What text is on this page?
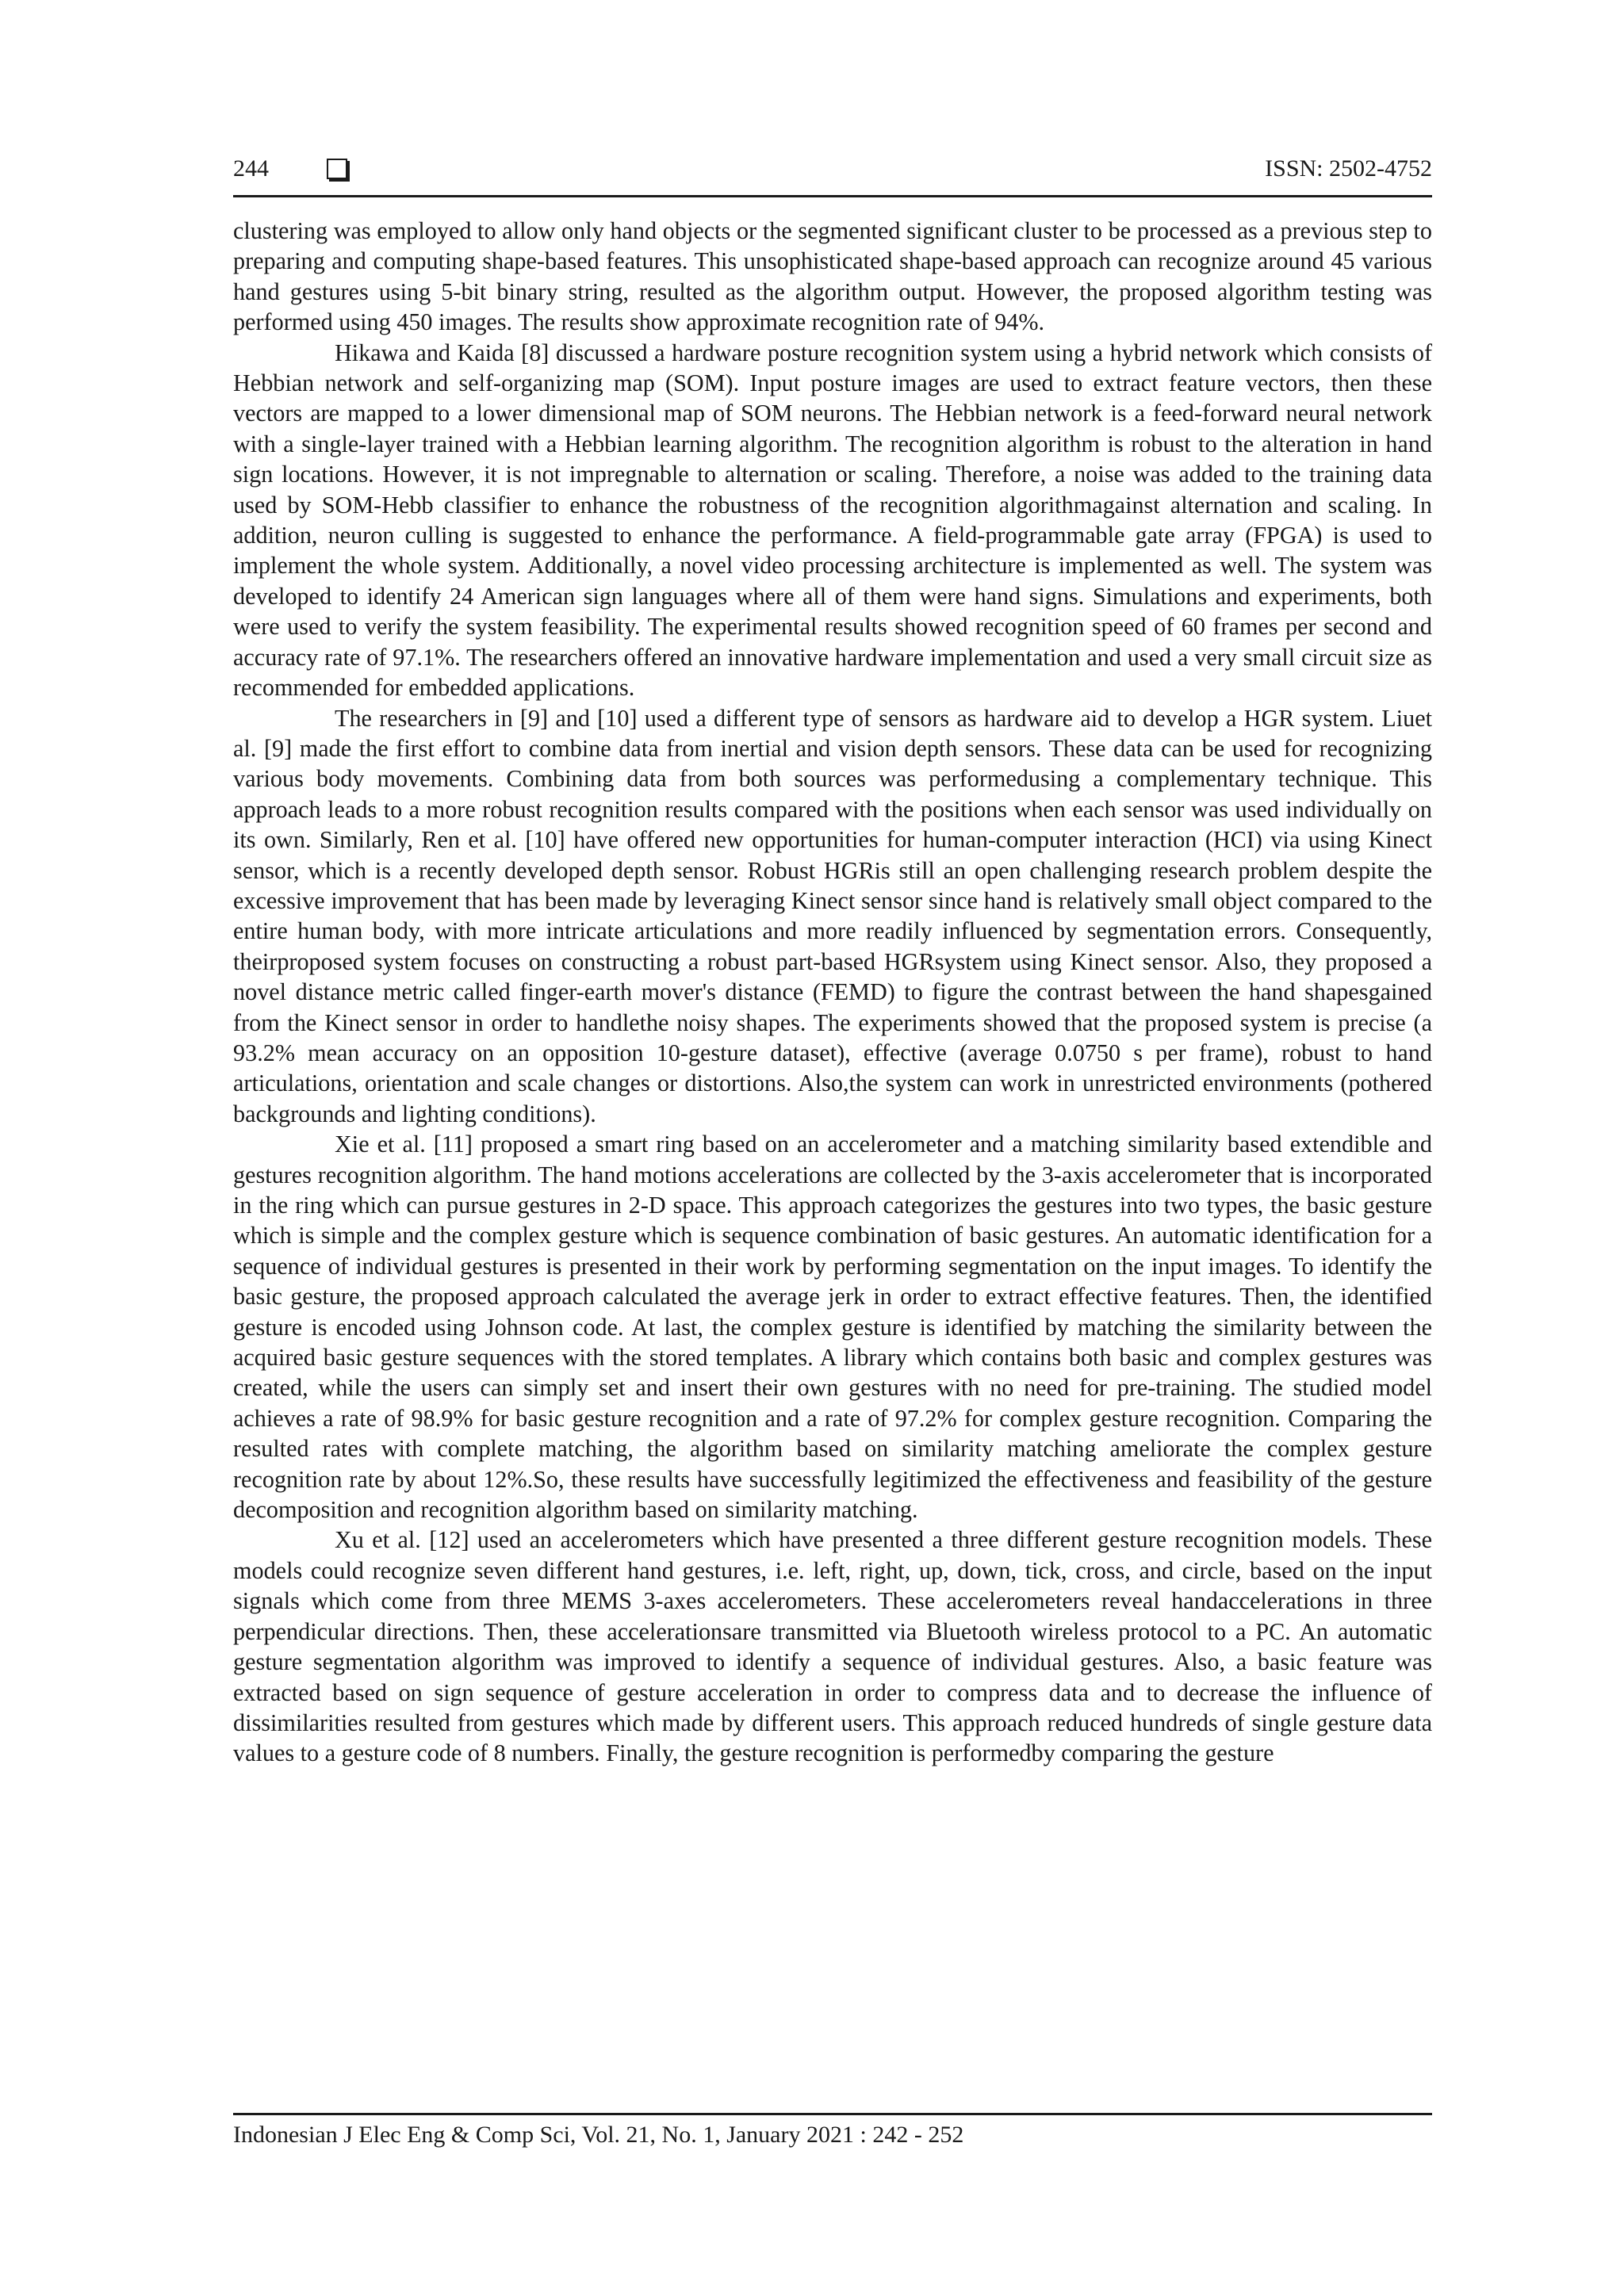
244	ISSN: 2502-4752

clustering was employed to allow only hand objects or the segmented significant cluster to be processed as a previous step to preparing and computing shape-based features. This unsophisticated shape-based approach can recognize around 45 various hand gestures using 5-bit binary string, resulted as the algorithm output. However, the proposed algorithm testing was performed using 450 images. The results show approximate recognition rate of 94%.

Hikawa and Kaida [8] discussed a hardware posture recognition system using a hybrid network which consists of Hebbian network and self-organizing map (SOM). Input posture images are used to extract feature vectors, then these vectors are mapped to a lower dimensional map of SOM neurons. The Hebbian network is a feed-forward neural network with a single-layer trained with a Hebbian learning algorithm. The recognition algorithm is robust to the alteration in hand sign locations. However, it is not impregnable to alternation or scaling. Therefore, a noise was added to the training data used by SOM-Hebb classifier to enhance the robustness of the recognition algorithmagainst alternation and scaling. In addition, neuron culling is suggested to enhance the performance. A field-programmable gate array (FPGA) is used to implement the whole system. Additionally, a novel video processing architecture is implemented as well. The system was developed to identify 24 American sign languages where all of them were hand signs. Simulations and experiments, both were used to verify the system feasibility. The experimental results showed recognition speed of 60 frames per second and accuracy rate of 97.1%. The researchers offered an innovative hardware implementation and used a very small circuit size as recommended for embedded applications.

The researchers in [9] and [10] used a different type of sensors as hardware aid to develop a HGR system. Liuet al. [9] made the first effort to combine data from inertial and vision depth sensors. These data can be used for recognizing various body movements. Combining data from both sources was performedusing a complementary technique. This approach leads to a more robust recognition results compared with the positions when each sensor was used individually on its own. Similarly, Ren et al. [10] have offered new opportunities for human-computer interaction (HCI) via using Kinect sensor, which is a recently developed depth sensor. Robust HGRis still an open challenging research problem despite the excessive improvement that has been made by leveraging Kinect sensor since hand is relatively small object compared to the entire human body, with more intricate articulations and more readily influenced by segmentation errors. Consequently, theirproposed system focuses on constructing a robust part-based HGRsystem using Kinect sensor. Also, they proposed a novel distance metric called finger-earth mover's distance (FEMD) to figure the contrast between the hand shapesgained from the Kinect sensor in order to handlethe noisy shapes. The experiments showed that the proposed system is precise (a 93.2% mean accuracy on an opposition 10-gesture dataset), effective (average 0.0750 s per frame), robust to hand articulations, orientation and scale changes or distortions. Also,the system can work in unrestricted environments (pothered backgrounds and lighting conditions).

Xie et al. [11] proposed a smart ring based on an accelerometer and a matching similarity based extendible and gestures recognition algorithm. The hand motions accelerations are collected by the 3-axis accelerometer that is incorporated in the ring which can pursue gestures in 2-D space. This approach categorizes the gestures into two types, the basic gesture which is simple and the complex gesture which is sequence combination of basic gestures. An automatic identification for a sequence of individual gestures is presented in their work by performing segmentation on the input images. To identify the basic gesture, the proposed approach calculated the average jerk in order to extract effective features. Then, the identified gesture is encoded using Johnson code. At last, the complex gesture is identified by matching the similarity between the acquired basic gesture sequences with the stored templates. A library which contains both basic and complex gestures was created, while the users can simply set and insert their own gestures with no need for pre-training. The studied model achieves a rate of 98.9% for basic gesture recognition and a rate of 97.2% for complex gesture recognition. Comparing the resulted rates with complete matching, the algorithm based on similarity matching ameliorate the complex gesture recognition rate by about 12%.So, these results have successfully legitimized the effectiveness and feasibility of the gesture decomposition and recognition algorithm based on similarity matching.

Xu et al. [12] used an accelerometers which have presented a three different gesture recognition models. These models could recognize seven different hand gestures, i.e. left, right, up, down, tick, cross, and circle, based on the input signals which come from three MEMS 3-axes accelerometers. These accelerometers reveal handaccelerations in three perpendicular directions. Then, these accelerationsare transmitted via Bluetooth wireless protocol to a PC. An automatic gesture segmentation algorithm was improved to identify a sequence of individual gestures. Also, a basic feature was extracted based on sign sequence of gesture acceleration in order to compress data and to decrease the influence of dissimilarities resulted from gestures which made by different users. This approach reduced hundreds of single gesture data values to a gesture code of 8 numbers. Finally, the gesture recognition is performedby comparing the gesture

Indonesian J Elec Eng & Comp Sci, Vol. 21, No. 1, January 2021 : 242 - 252
